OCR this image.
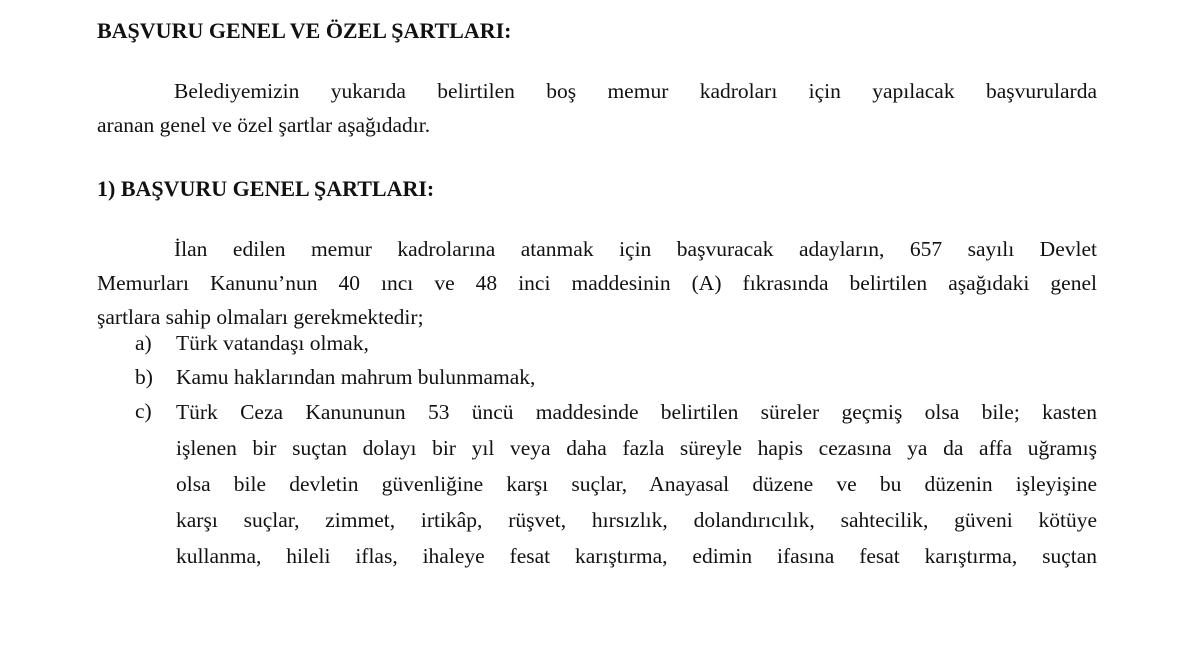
BAŞVURU GENEL VE ÖZEL ŞARTLARI:

Belediyemizin yukarıda belirtilen boş memur kadroları için yapılacak başvurularda
aranan genel ve özel şartlar aşağıdadır.

1) BAŞVURU GENEL ŞARTLARI:

İlan edilen memur kadrolarına atanmak için başvuracak adayların, 657 sayılı Devlet
Memurları Kanunu’nun 40 ıncı ve 48 inci maddesinin (A) fıkrasında belirtilen aşağıdaki genel
şartlara sahip olmaları gerekmektedir;

a) Türk vatandaşı olmak,
b) Kamu haklarından mahrum bulunmamak,
c) Türk Ceza Kanununun 53 üncü maddesinde belirtilen süreler geçmiş olsa bile; kasten
işlenen bir suçtan dolayı bir yıl veya daha fazla süreyle hapis cezasına ya da affa uğramış
olsa bile devletin güvenliğine karşı suçlar, Anayasal düzene ve bu düzenin işleyişine
karşı suçlar, zimmet, irtikâp, rüşvet, hırsızlık, dolandırıcılık, sahtecilik, güveni kötüye
kullanma, hileli iflas, ihaleye fesat karıştırma, edimin ifasına fesat karıştırma, suçtan
